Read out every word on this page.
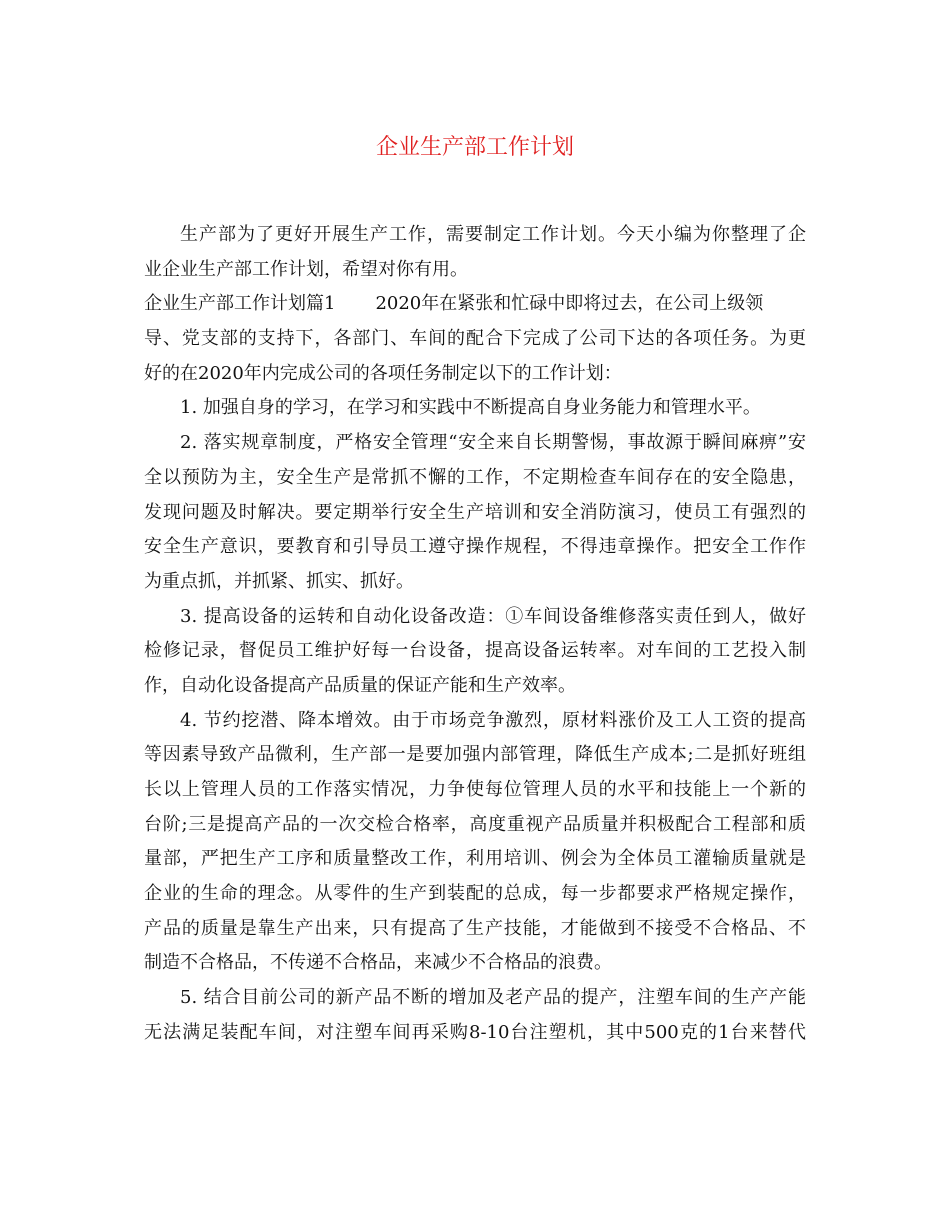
企业生产部工作计划
生产部为了更好开展生产工作，需要制定工作计划。今天小编为你整理了企
业企业生产部工作计划，希望对你有用。
企业生产部工作计划篇1 2020年在紧张和忙碌中即将过去，在公司上级领
导、党支部的支持下，各部门、车间的配合下完成了公司下达的各项任务。为更
好的在2020年内完成公司的各项任务制定以下的工作计划：
1. 加强自身的学习，在学习和实践中不断提高自身业务能力和管理水平。
2. 落实规章制度，严格安全管理“安全来自长期警惕，事故源于瞬间麻痹”安
全以预防为主，安全生产是常抓不懈的工作，不定期检查车间存在的安全隐患，
发现问题及时解决。要定期举行安全生产培训和安全消防演习，使员工有强烈的
安全生产意识，要教育和引导员工遵守操作规程，不得违章操作。把安全工作作
为重点抓，并抓紧、抓实、抓好。
3. 提高设备的运转和自动化设备改造：①车间设备维修落实责任到人，做好
检修记录，督促员工维护好每一台设备，提高设备运转率。对车间的工艺投入制
作，自动化设备提高产品质量的保证产能和生产效率。
4. 节约挖潜、降本增效。由于市场竞争激烈，原材料涨价及工人工资的提高
等因素导致产品微利，生产部一是要加强内部管理，降低生产成本;二是抓好班组
长以上管理人员的工作落实情况，力争使每位管理人员的水平和技能上一个新的
台阶;三是提高产品的一次交检合格率，高度重视产品质量并积极配合工程部和质
量部，严把生产工序和质量整改工作，利用培训、例会为全体员工灌输质量就是
企业的生命的理念。从零件的生产到装配的总成，每一步都要求严格规定操作，
产品的质量是靠生产出来，只有提高了生产技能，才能做到不接受不合格品、不
制造不合格品，不传递不合格品，来减少不合格品的浪费。
5. 结合目前公司的新产品不断的增加及老产品的提产，注塑车间的生产产能
无法满足装配车间，对注塑车间再采购8-10台注塑机，其中500克的1台来替代
